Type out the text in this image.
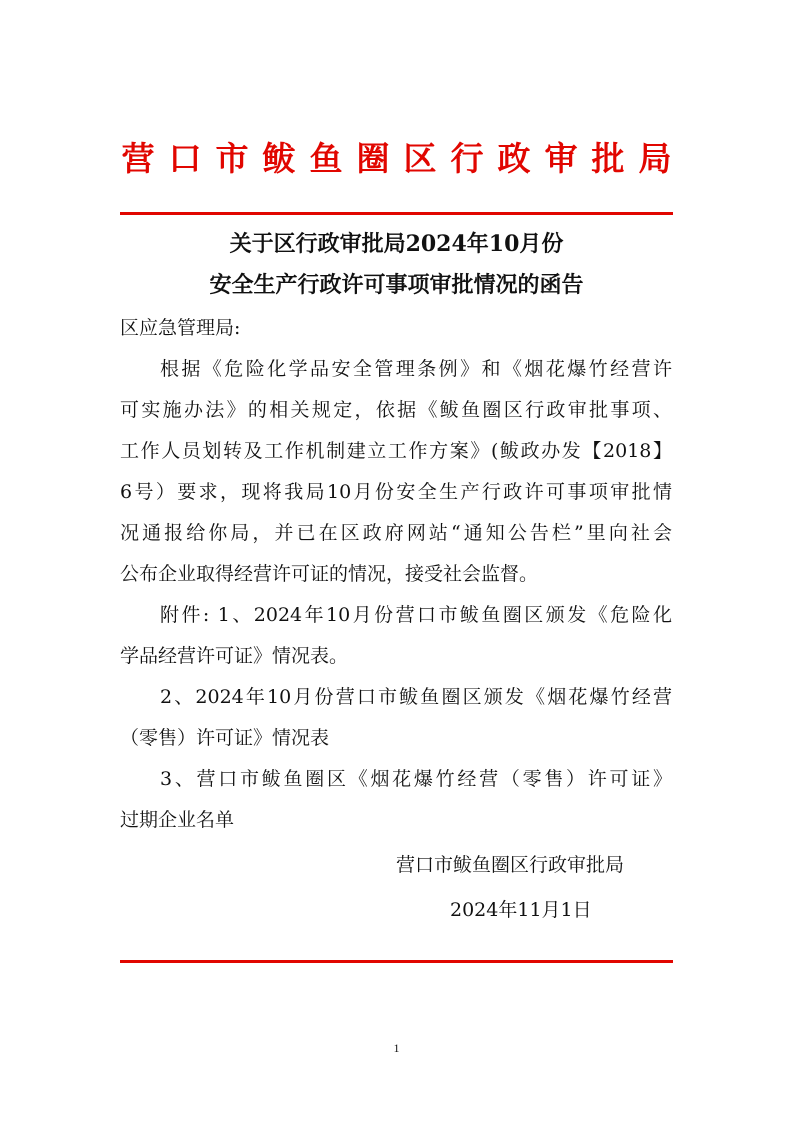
营口市鲅鱼圈区行政审批局
关于区行政审批局2024年10月份
安全生产行政许可事项审批情况的函告
区应急管理局:
根据《危险化学品安全管理条例》和《烟花爆竹经营许
可实施办法》的相关规定，依据《鲅鱼圈区行政审批事项、
工作人员划转及工作机制建立工作方案》(鲅政办发【2018】
6号）要求，现将我局10月份安全生产行政许可事项审批情
况通报给你局，并已在区政府网站“通知公告栏”里向社会
公布企业取得经营许可证的情况，接受社会监督。
附件: 1、2024年10月份营口市鲅鱼圈区颁发《危险化
学品经营许可证》情况表。
2、2024年10月份营口市鲅鱼圈区颁发《烟花爆竹经营
（零售）许可证》情况表
3、营口市鲅鱼圈区《烟花爆竹经营（零售）许可证》
过期企业名单
营口市鲅鱼圈区行政审批局
2024年11月1日
1
